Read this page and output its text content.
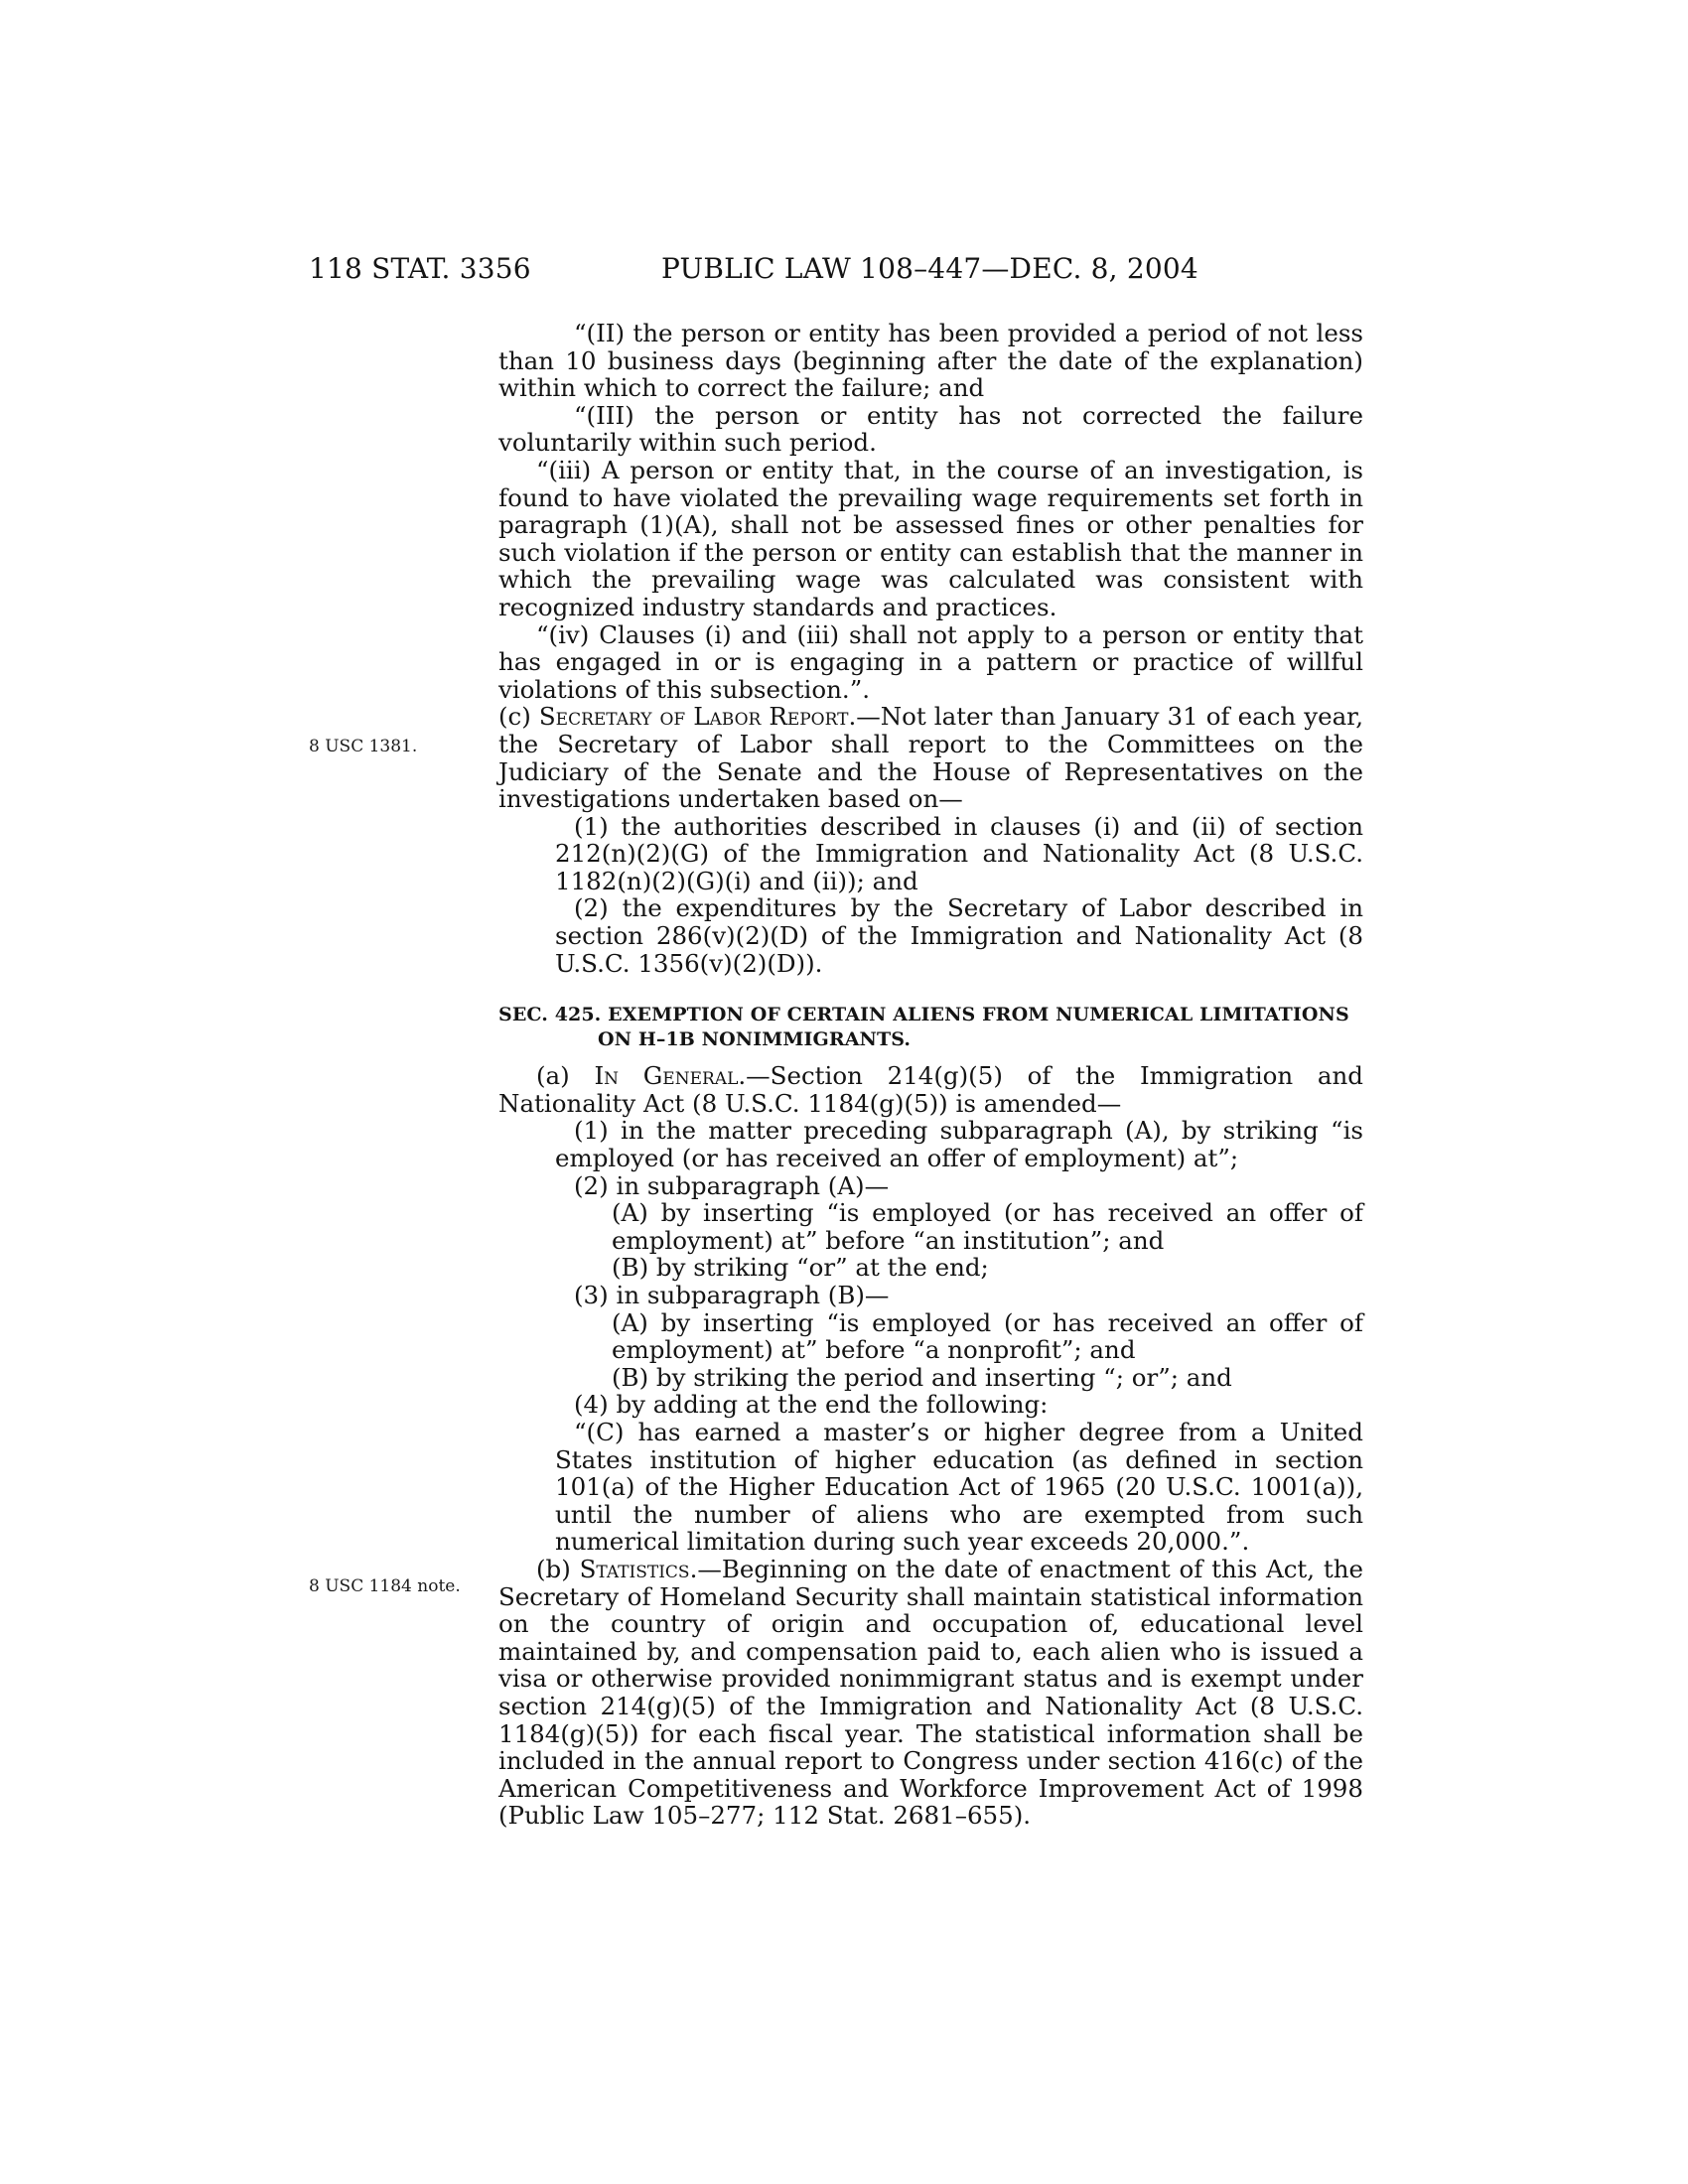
118 STAT. 3356	PUBLIC LAW 108–447—DEC. 8, 2004
8 USC 1381.
8 USC 1184 note.

“(II) the person or entity has been provided a period of not less than 10 business days (beginning after the date of the explanation) within which to correct the failure; and

“(III) the person or entity has not corrected the failure voluntarily within such period.

“(iii) A person or entity that, in the course of an investigation, is found to have violated the prevailing wage requirements set forth in paragraph (1)(A), shall not be assessed fines or other penalties for such violation if the person or entity can establish that the manner in which the prevailing wage was calculated was consistent with recognized industry standards and practices.

“(iv) Clauses (i) and (iii) shall not apply to a person or entity that has engaged in or is engaging in a pattern or practice of willful violations of this subsection.”.

(c) Secretary of Labor Report.—Not later than January 31 of each year, the Secretary of Labor shall report to the Committees on the Judiciary of the Senate and the House of Representatives on the investigations undertaken based on—

(1) the authorities described in clauses (i) and (ii) of section 212(n)(2)(G) of the Immigration and Nationality Act (8 U.S.C. 1182(n)(2)(G)(i) and (ii)); and

(2) the expenditures by the Secretary of Labor described in section 286(v)(2)(D) of the Immigration and Nationality Act (8 U.S.C. 1356(v)(2)(D)).

SEC. 425. EXEMPTION OF CERTAIN ALIENS FROM NUMERICAL LIMITATIONS ON H–1B NONIMMIGRANTS.

(a) In General.—Section 214(g)(5) of the Immigration and Nationality Act (8 U.S.C. 1184(g)(5)) is amended—

(1) in the matter preceding subparagraph (A), by striking “is employed (or has received an offer of employment) at”;

(2) in subparagraph (A)—

(A) by inserting “is employed (or has received an offer of employment) at” before “an institution”; and

(B) by striking “or” at the end;

(3) in subparagraph (B)—

(A) by inserting “is employed (or has received an offer of employment) at” before “a nonprofit”; and

(B) by striking the period and inserting “; or”; and

(4) by adding at the end the following:

“(C) has earned a master’s or higher degree from a United States institution of higher education (as defined in section 101(a) of the Higher Education Act of 1965 (20 U.S.C. 1001(a)), until the number of aliens who are exempted from such numerical limitation during such year exceeds 20,000.”.

(b) Statistics.—Beginning on the date of enactment of this Act, the Secretary of Homeland Security shall maintain statistical information on the country of origin and occupation of, educational level maintained by, and compensation paid to, each alien who is issued a visa or otherwise provided nonimmigrant status and is exempt under section 214(g)(5) of the Immigration and Nationality Act (8 U.S.C. 1184(g)(5)) for each fiscal year. The statistical information shall be included in the annual report to Congress under section 416(c) of the American Competitiveness and Workforce Improvement Act of 1998 (Public Law 105–277; 112 Stat. 2681–655).
